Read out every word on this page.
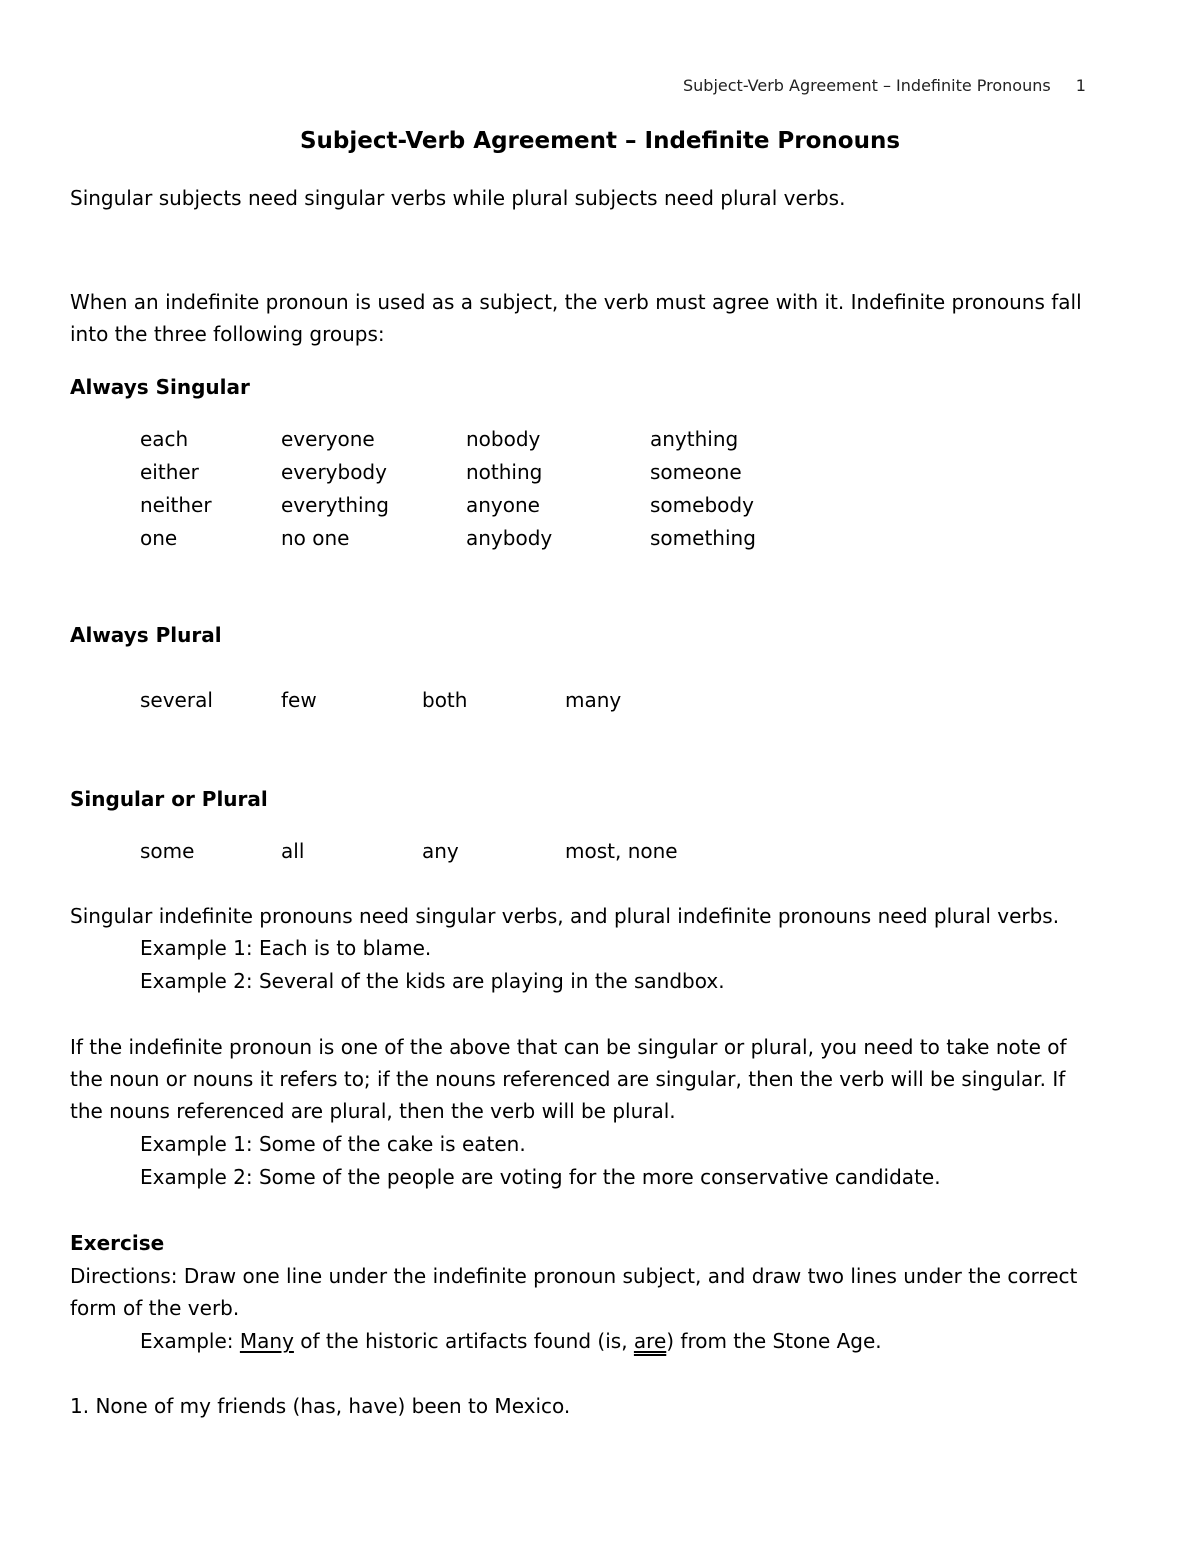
Subject-Verb Agreement – Indefinite Pronouns 1
Subject-Verb Agreement – Indefinite Pronouns
Singular subjects need singular verbs while plural subjects need plural verbs.
When an indefinite pronoun is used as a subject, the verb must agree with it. Indefinite pronouns fall
into the three following groups:
Always Singular
each	everyone	nobody	anything
either	everybody	nothing	someone
neither	everything	anyone	somebody
one	no one	anybody	something
Always Plural
several	few	both	many
Singular or Plural
some	all	any	most, none
Singular indefinite pronouns need singular verbs, and plural indefinite pronouns need plural verbs.
Example 1: Each is to blame.
Example 2: Several of the kids are playing in the sandbox.
If the indefinite pronoun is one of the above that can be singular or plural, you need to take note of
the noun or nouns it refers to; if the nouns referenced are singular, then the verb will be singular. If
the nouns referenced are plural, then the verb will be plural.
Example 1: Some of the cake is eaten.
Example 2: Some of the people are voting for the more conservative candidate.
Exercise
Directions: Draw one line under the indefinite pronoun subject, and draw two lines under the correct
form of the verb.
Example: Many of the historic artifacts found (is, are) from the Stone Age.
1. None of my friends (has, have) been to Mexico.
